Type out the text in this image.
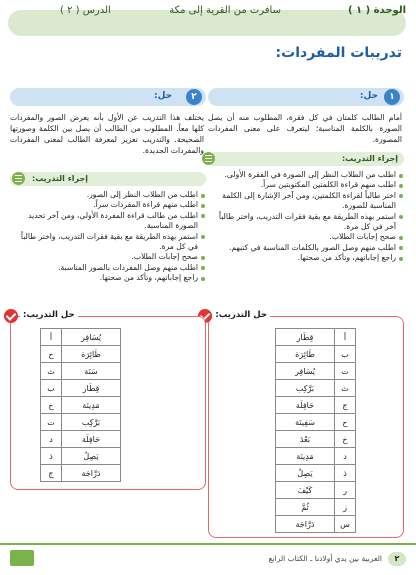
الوحدة ( ١ )
سافرت من القرية إلى مكة
الدرس ( ٢ )
تدريبات المفردات:
١
حل:
أمام الطالب كلمتان في كل فقرة، المطلوب منه أن يصل الصورة بالكلمة المناسبة؛ ليتعرف على معنى المفردات المصورة.
إجراء التدريب:
اطلب من الطلاب النظر إلى الصورة في الفقرة الأولى.
اطلب منهم قراءة الكلمتين المكتوبتين سراً.
اختر طالباً لقراءة الكلمتين، ومن آخر الإشارة إلى الكلمة المناسبة للصورة.
استمر بهذه الطريقة مع بقية فقرات التدريب، واختر طالباً آخر في كل مرة.
صحح إجابات الطلاب.
اطلب منهم وصل الصور بالكلمات المناسبة في كتبهم.
راجع إجاباتهم، وتأكد من صحتها.
حل التدريب:
أ	قِطَار
ب	طَائِرَة
ت	يُسَافِر
ث	بَرَّكِب
ج	حَافِلَة
ح	سَفِينَة
خ	بَعْدَ
د	مَدِينَة
ذ	يَصِلُ
ر	كَيْفَ
ز	ثُمَّ
س	دَرَّاجَة
٢
حل:
يختلف هذا التدريب عن الأول بأنه يعرض الصور والمفردات كلها معاً. المطلوب من الطالب أن يصل بين الكلمة وصورتها الصحيحة. والتدريب تعزيز لمعرفة الطالب لمعنى المفردات والمفردات الجديدة.
إجراء التدريب:
اطلب من الطلاب النظر إلى الصور.
اطلب منهم قراءة المفردات سراً.
اطلب من طالب قراءة المفردة الأولى، ومن آخر تحديد الصورة المناسبة.
استمر بهذه الطريقة مع بقية فقرات التدريب، واختر طالباً في كل مرة.
صحح إجابات الطلاب.
اطلب منهم وصل المفردات بالصور المناسبة.
راجع إجاباتهم، وتأكد من صحتها.
حل التدريب:
يُسَافِر	أ
طَائِرَة	ح
سَنَة	ث
قِطَار	ب
مَدِينَة	خ
بَرَّكِب	ت
حَافِلَة	د
يَصِلُ	ذ
دَرَّاجَة	ج
٢
العربية بين يدي أولادنا ـ الكتاب الرابع
